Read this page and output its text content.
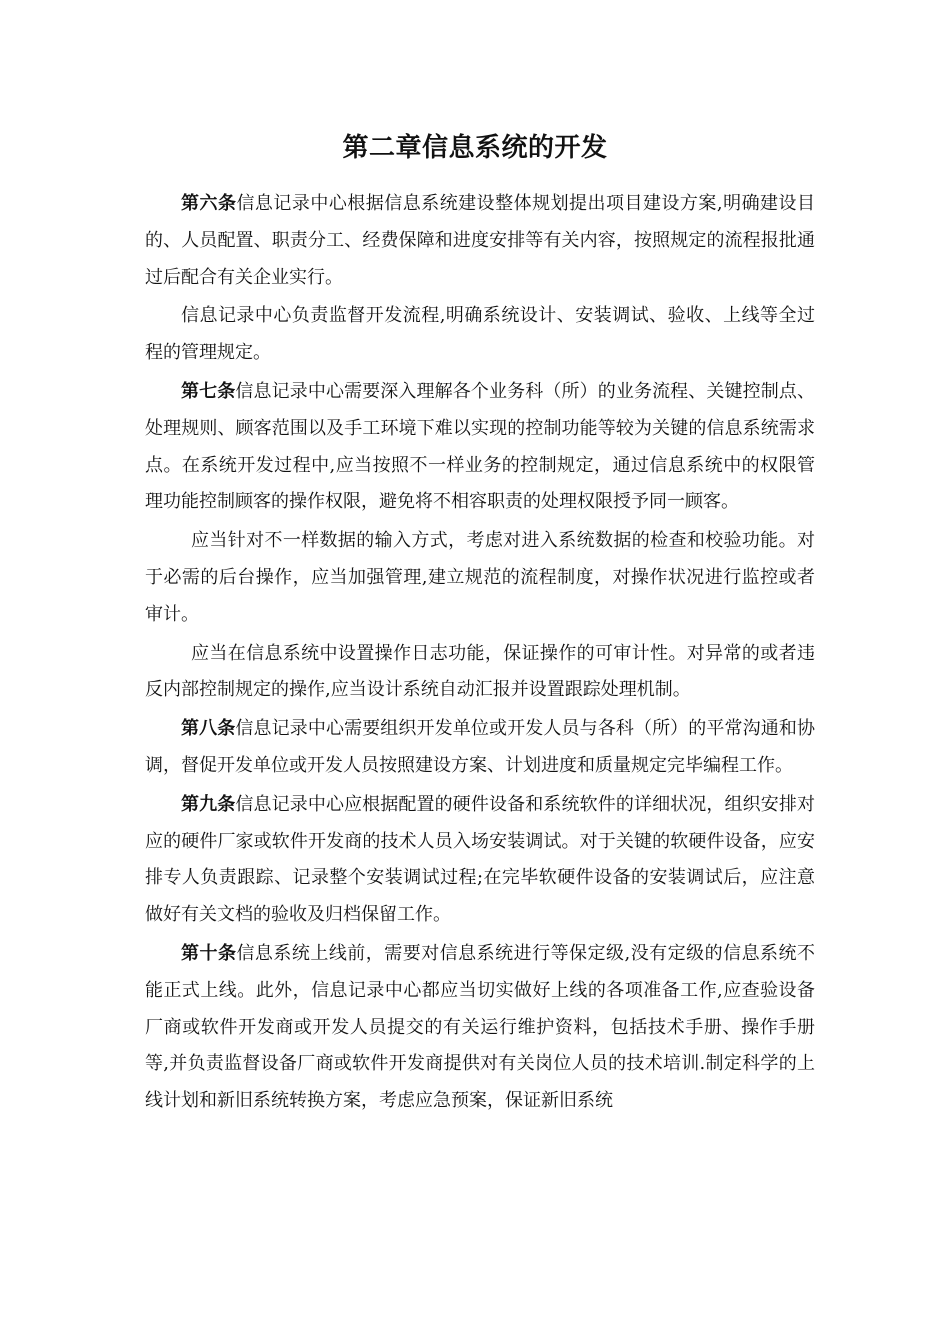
第二章信息系统的开发

第六条信息记录中心根据信息系统建设整体规划提出项目建设方案,明确建设目的、人员配置、职责分工、经费保障和进度安排等有关内容，按照规定的流程报批通过后配合有关企业实行。

信息记录中心负责监督开发流程,明确系统设计、安装调试、验收、上线等全过程的管理规定。

第七条信息记录中心需要深入理解各个业务科（所）的业务流程、关键控制点、处理规则、顾客范围以及手工环境下难以实现的控制功能等较为关键的信息系统需求点。在系统开发过程中,应当按照不一样业务的控制规定，通过信息系统中的权限管理功能控制顾客的操作权限，避免将不相容职责的处理权限授予同一顾客。

应当针对不一样数据的输入方式，考虑对进入系统数据的检查和校验功能。对于必需的后台操作，应当加强管理,建立规范的流程制度，对操作状况进行监控或者审计。

应当在信息系统中设置操作日志功能，保证操作的可审计性。对异常的或者违反内部控制规定的操作,应当设计系统自动汇报并设置跟踪处理机制。

第八条信息记录中心需要组织开发单位或开发人员与各科（所）的平常沟通和协调，督促开发单位或开发人员按照建设方案、计划进度和质量规定完毕编程工作。

第九条信息记录中心应根据配置的硬件设备和系统软件的详细状况，组织安排对应的硬件厂家或软件开发商的技术人员入场安装调试。对于关键的软硬件设备，应安排专人负责跟踪、记录整个安装调试过程;在完毕软硬件设备的安装调试后，应注意做好有关文档的验收及归档保留工作。

第十条信息系统上线前，需要对信息系统进行等保定级,没有定级的信息系统不能正式上线。此外，信息记录中心都应当切实做好上线的各项准备工作,应查验设备厂商或软件开发商或开发人员提交的有关运行维护资料，包括技术手册、操作手册等,并负责监督设备厂商或软件开发商提供对有关岗位人员的技术培训.制定科学的上线计划和新旧系统转换方案，考虑应急预案，保证新旧系统
